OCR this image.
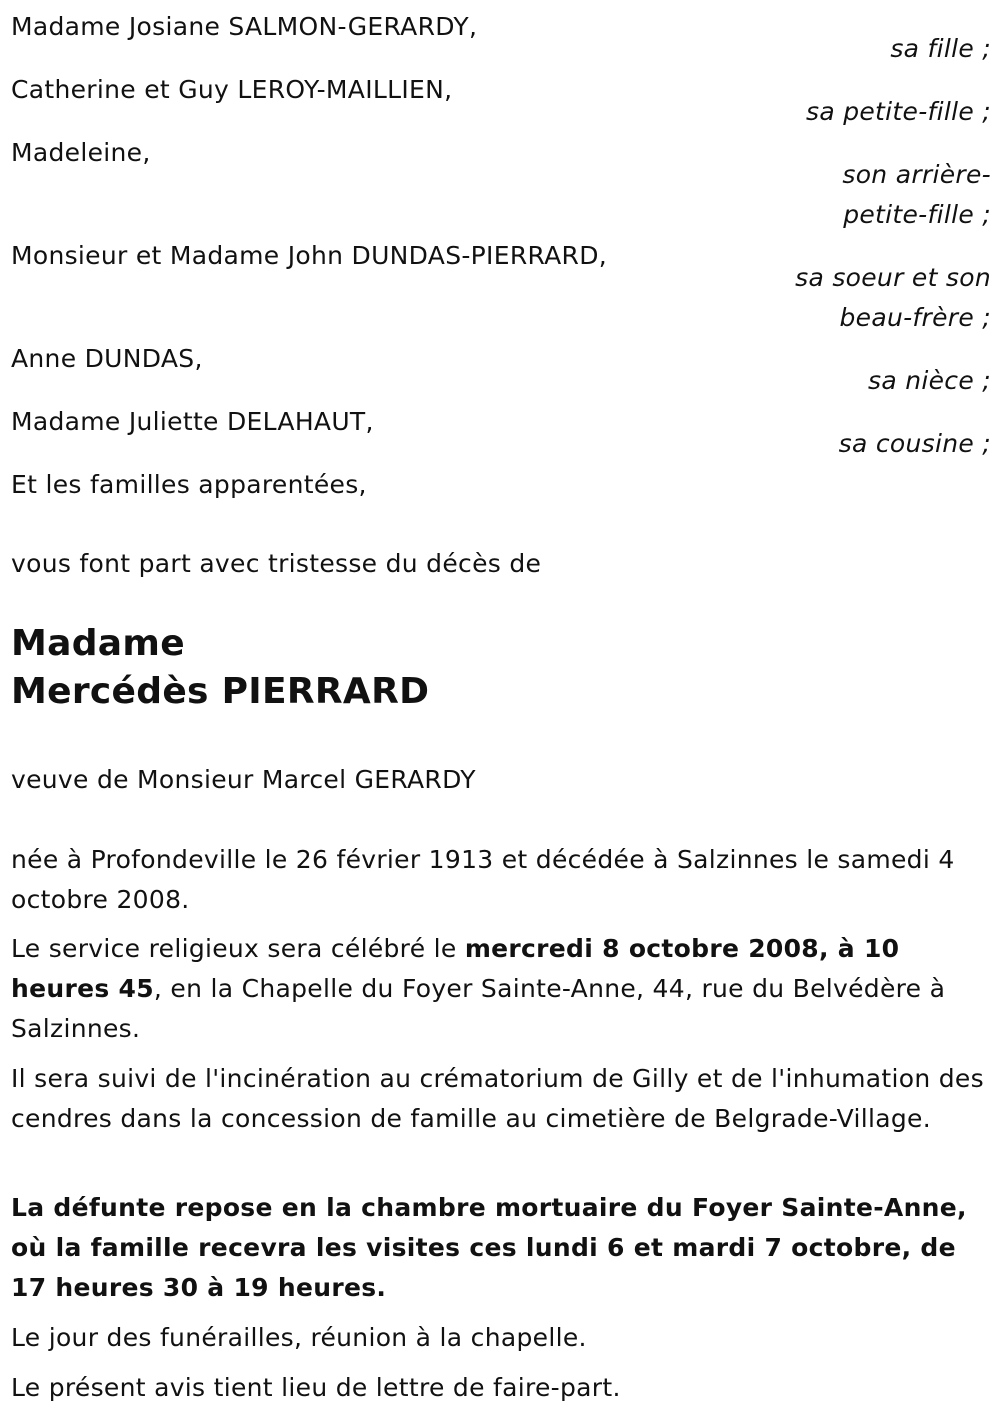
Madame Josiane SALMON-GERARDY,
sa fille ;
Catherine et Guy LEROY-MAILLIEN,
sa petite-fille ;
Madeleine,
son arrière-
petite-fille ;
Monsieur et Madame John DUNDAS-PIERRARD,
sa soeur et son
beau-frère ;
Anne DUNDAS,
sa nièce ;
Madame Juliette DELAHAUT,
sa cousine ;
Et les familles apparentées,
vous font part avec tristesse du décès de
Madame
Mercédès PIERRARD
veuve de Monsieur Marcel GERARDY
née à Profondeville le 26 février 1913 et décédée à Salzinnes le samedi 4 octobre 2008.
Le service religieux sera célébré le mercredi 8 octobre 2008, à 10 heures 45, en la Chapelle du Foyer Sainte-Anne, 44, rue du Belvédère à Salzinnes.
Il sera suivi de l'incinération au crématorium de Gilly et de l'inhumation des cendres dans la concession de famille au cimetière de Belgrade-Village.
La défunte repose en la chambre mortuaire du Foyer Sainte-Anne, où la famille recevra les visites ces lundi 6 et mardi 7 octobre, de 17 heures 30 à 19 heures.
Le jour des funérailles, réunion à la chapelle.
Le présent avis tient lieu de lettre de faire-part.
